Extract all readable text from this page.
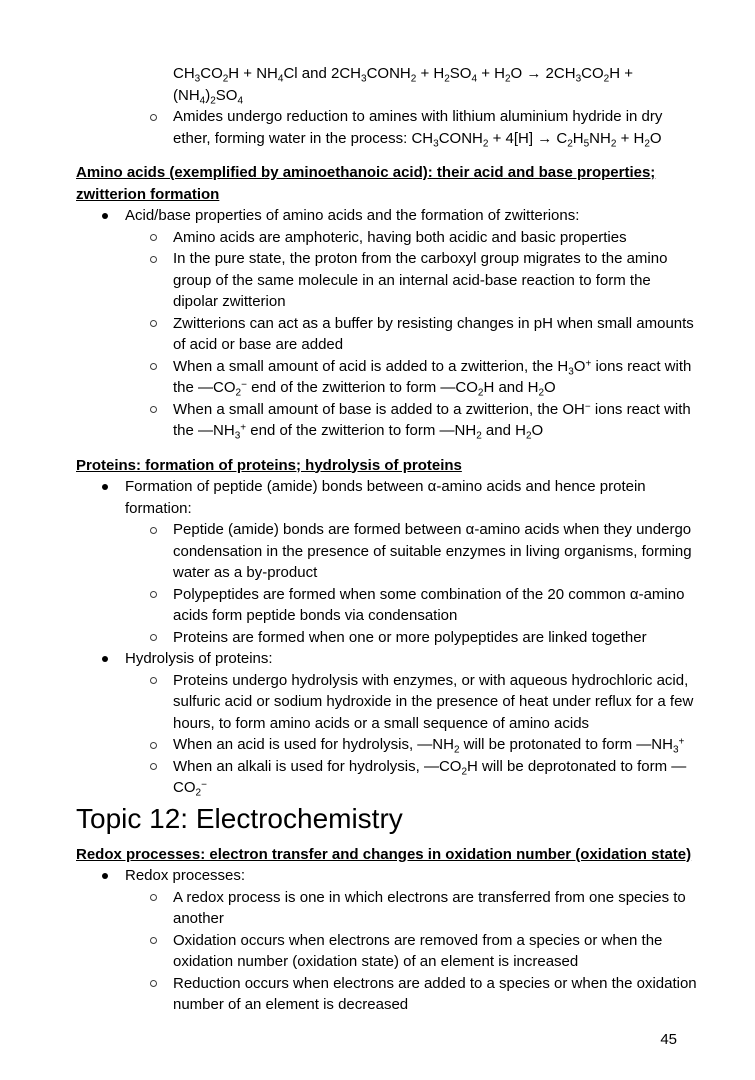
$CH_3CO_2H + NH_4Cl$ and $2CH_3CONH_2 + H_2SO_4 + H_2O \to 2CH_3CO_2H + (NH_4)_2SO_4$
Amides undergo reduction to amines with lithium aluminium hydride in dry ether, forming water in the process: $CH_3CONH_2 + 4[H] \to C_2H_5NH_2 + H_2O$
Amino acids (exemplified by aminoethanoic acid): their acid and base properties; zwitterion formation
Acid/base properties of amino acids and the formation of zwitterions:
Amino acids are amphoteric, having both acidic and basic properties
In the pure state, the proton from the carboxyl group migrates to the amino group of the same molecule in an internal acid-base reaction to form the dipolar zwitterion
Zwitterions can act as a buffer by resisting changes in pH when small amounts of acid or base are added
When a small amount of acid is added to a zwitterion, the $H_3O^+$ ions react with the $—CO_2^-$ end of the zwitterion to form $—CO_2H$ and $H_2O$
When a small amount of base is added to a zwitterion, the OH− ions react with the $—NH_3^+$ end of the zwitterion to form $—NH_2$ and $H_2O$
Proteins: formation of proteins; hydrolysis of proteins
Formation of peptide (amide) bonds between α-amino acids and hence protein formation:
Peptide (amide) bonds are formed between α-amino acids when they undergo condensation in the presence of suitable enzymes in living organisms, forming water as a by-product
Polypeptides are formed when some combination of the 20 common α-amino acids form peptide bonds via condensation
Proteins are formed when one or more polypeptides are linked together
Hydrolysis of proteins:
Proteins undergo hydrolysis with enzymes, or with aqueous hydrochloric acid, sulfuric acid or sodium hydroxide in the presence of heat under reflux for a few hours, to form amino acids or a small sequence of amino acids
When an acid is used for hydrolysis, $—NH_2$ will be protonated to form $—NH_3^+$
When an alkali is used for hydrolysis, $—CO_2H$ will be deprotonated to form $—CO_2^-$
Topic 12: Electrochemistry
Redox processes: electron transfer and changes in oxidation number (oxidation state)
Redox processes:
A redox process is one in which electrons are transferred from one species to another
Oxidation occurs when electrons are removed from a species or when the oxidation number (oxidation state) of an element is increased
Reduction occurs when electrons are added to a species or when the oxidation number of an element is decreased
45
